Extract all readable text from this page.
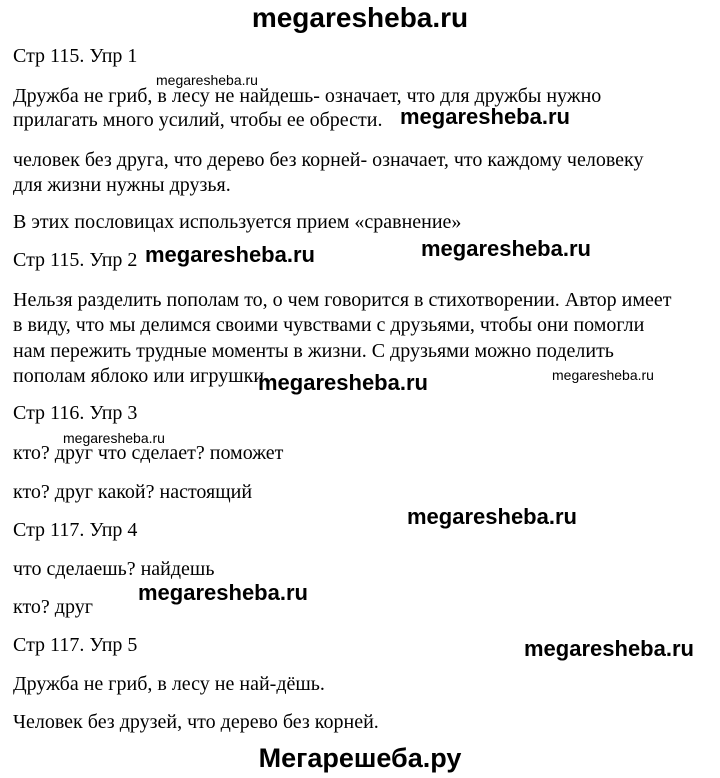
megaresheba.ru
Стр 115. Упр 1
Дружба не гриб, в лесу не найдешь- означает, что для дружбы нужно
прилагать много усилий, чтобы ее обрести.
человек без друга, что дерево без корней- означает, что каждому человеку
для жизни нужны друзья.
В этих пословицах используется прием «сравнение»
Стр 115. Упр 2
Нельзя разделить пополам то, о чем говорится в стихотворении. Автор имеет
в виду, что мы делимся своими чувствами с друзьями, чтобы они помогли
нам пережить трудные моменты в жизни. С друзьями можно поделить
пополам яблоко или игрушки.
Стр 116. Упр 3
кто? друг что сделает? поможет
кто? друг какой? настоящий
Стр 117. Упр 4
что сделаешь? найдешь
кто? друг
Стр 117. Упр 5
Дружба не гриб, в лесу не най-дёшь.
Человек без друзей, что дерево без корней.
megaresheba.ru
megaresheba.ru
megaresheba.ru	megaresheba.ru
megaresheba.ru	megaresheba.ru
megaresheba.ru
megaresheba.ru
megaresheba.ru
megaresheba.ru
Мегарешеба.ру
